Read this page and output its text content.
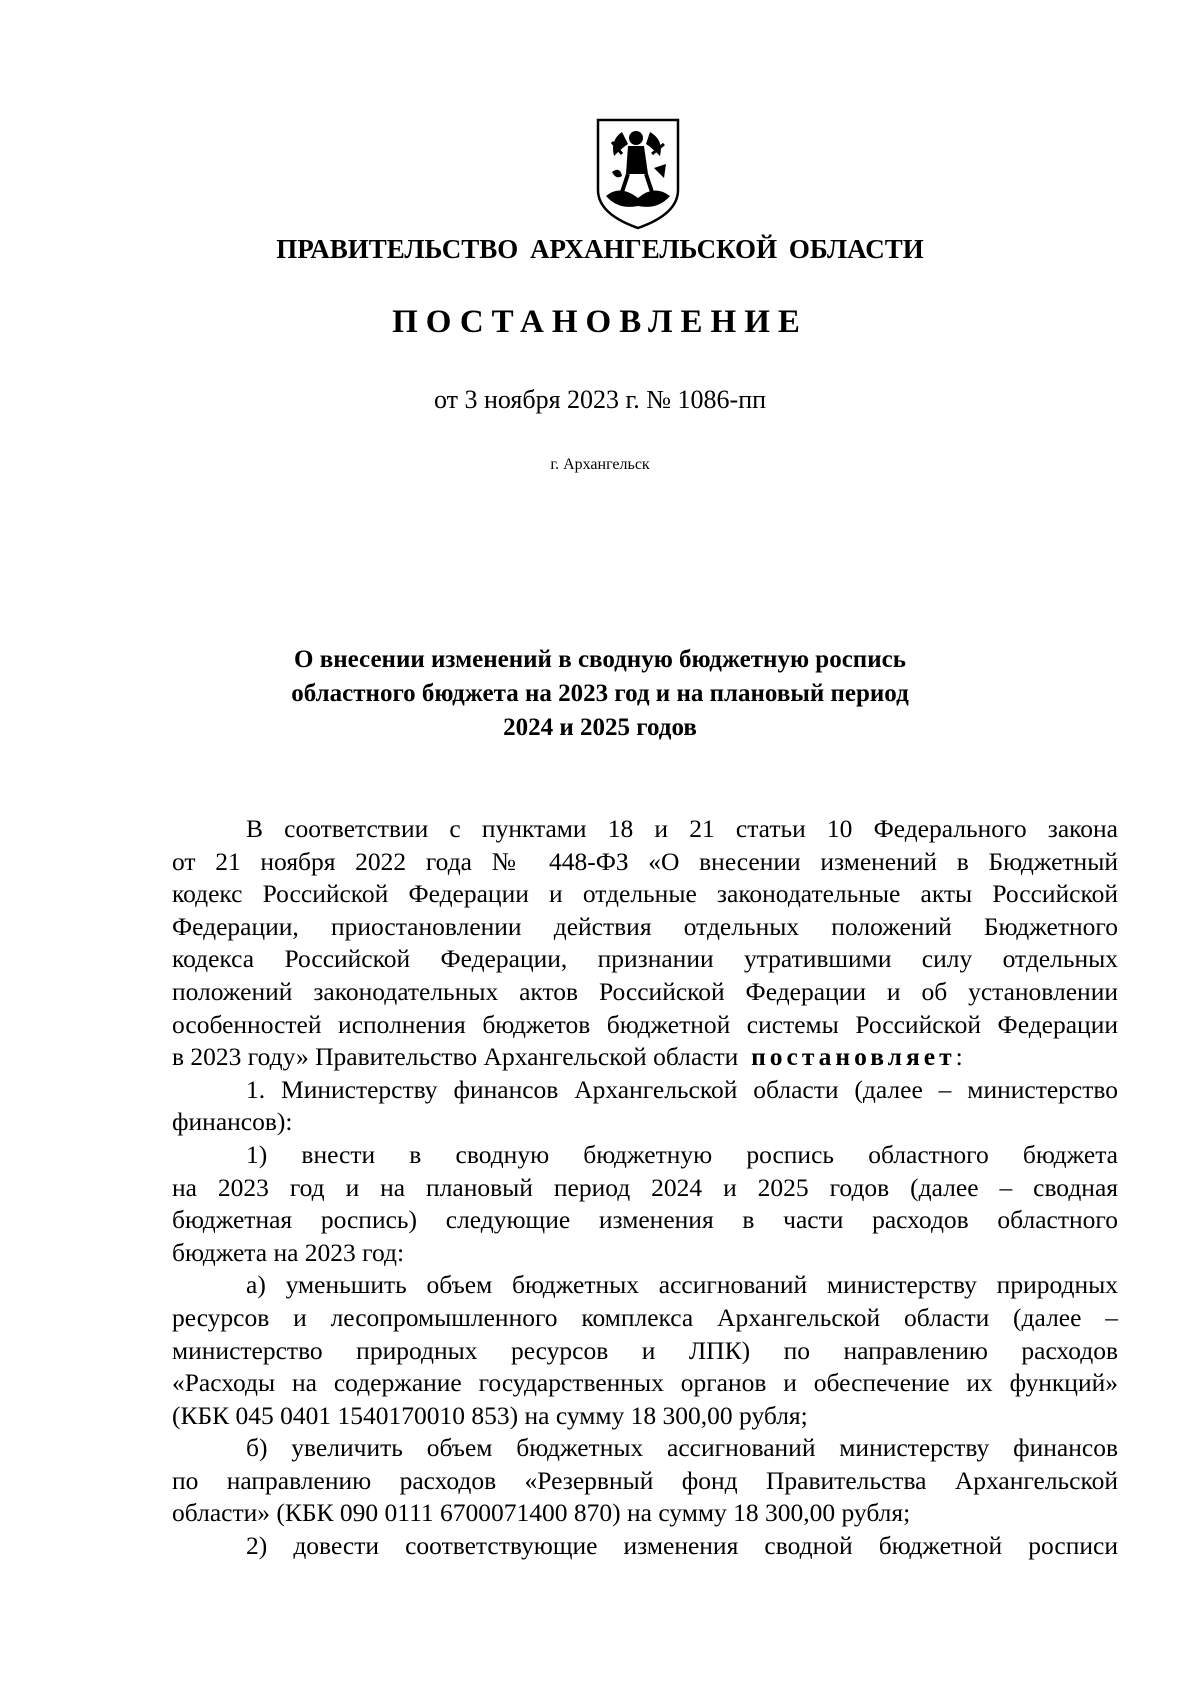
ПРАВИТЕЛЬСТВО АРХАНГЕЛЬСКОЙ ОБЛАСТИ
ПОСТАНОВЛЕНИЕ
от 3 ноября 2023 г. № 1086-пп
г. Архангельск
О внесении изменений в сводную бюджетную роспись
областного бюджета на 2023 год и на плановый период
2024 и 2025 годов
В соответствии с пунктами 18 и 21 статьи 10 Федерального закона
от 21 ноября 2022 года № 448-ФЗ «О внесении изменений в Бюджетный
кодекс Российской Федерации и отдельные законодательные акты Российской
Федерации, приостановлении действия отдельных положений Бюджетного
кодекса Российской Федерации, признании утратившими силу отдельных
положений законодательных актов Российской Федерации и об установлении
особенностей исполнения бюджетов бюджетной системы Российской Федерации
в 2023 году» Правительство Архангельской области постановляет:
1. Министерству финансов Архангельской области (далее – министерство
финансов):
1) внести в сводную бюджетную роспись областного бюджета
на 2023 год и на плановый период 2024 и 2025 годов (далее – сводная
бюджетная роспись) следующие изменения в части расходов областного
бюджета на 2023 год:
а) уменьшить объем бюджетных ассигнований министерству природных
ресурсов и лесопромышленного комплекса Архангельской области (далее –
министерство природных ресурсов и ЛПК) по направлению расходов
«Расходы на содержание государственных органов и обеспечение их функций»
(КБК 045 0401 1540170010 853) на сумму 18 300,00 рубля;
б) увеличить объем бюджетных ассигнований министерству финансов
по направлению расходов «Резервный фонд Правительства Архангельской
области» (КБК 090 0111 6700071400 870) на сумму 18 300,00 рубля;
2) довести соответствующие изменения сводной бюджетной росписи
